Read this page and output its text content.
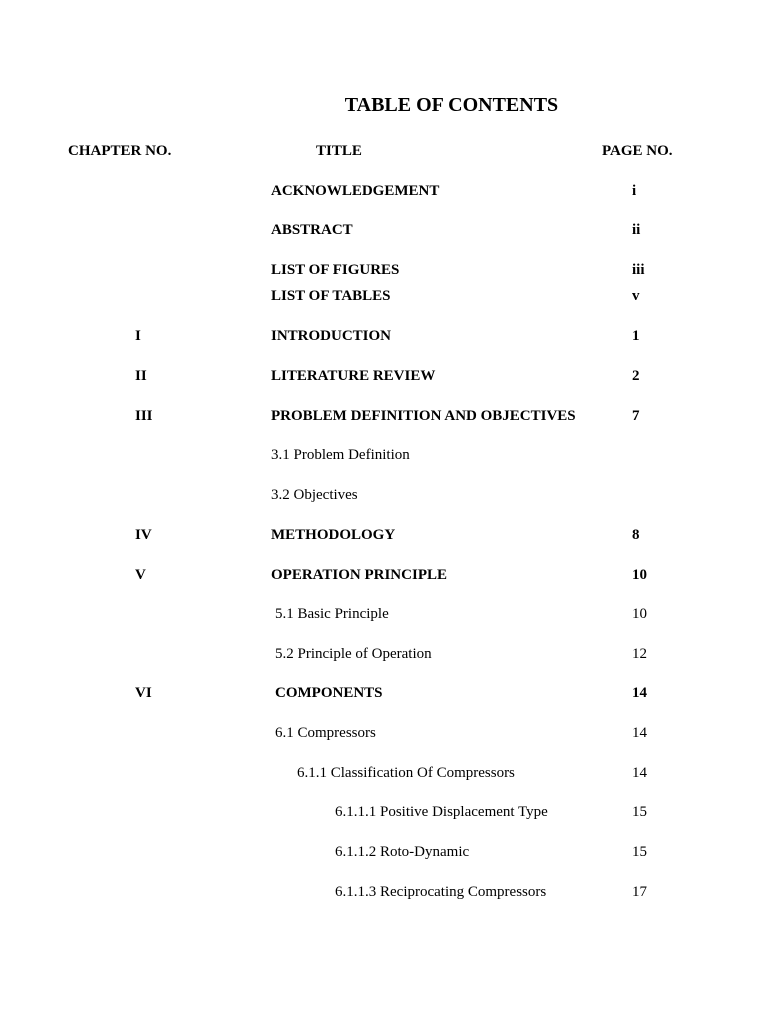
TABLE OF CONTENTS
CHAPTER NO.	TITLE	PAGE NO.
ACKNOWLEDGEMENT	i
ABSTRACT	ii
LIST OF FIGURES	iii
LIST OF TABLES	v
I	INTRODUCTION	1
II	LITERATURE REVIEW	2
III	PROBLEM DEFINITION AND OBJECTIVES	7
3.1 Problem Definition
3.2 Objectives
IV	METHODOLOGY	8
V	OPERATION PRINCIPLE	10
5.1 Basic Principle	10
5.2 Principle of Operation	12
VI	COMPONENTS	14
6.1 Compressors	14
6.1.1 Classification Of Compressors	14
6.1.1.1 Positive Displacement Type	15
6.1.1.2 Roto-Dynamic	15
6.1.1.3 Reciprocating Compressors	17
